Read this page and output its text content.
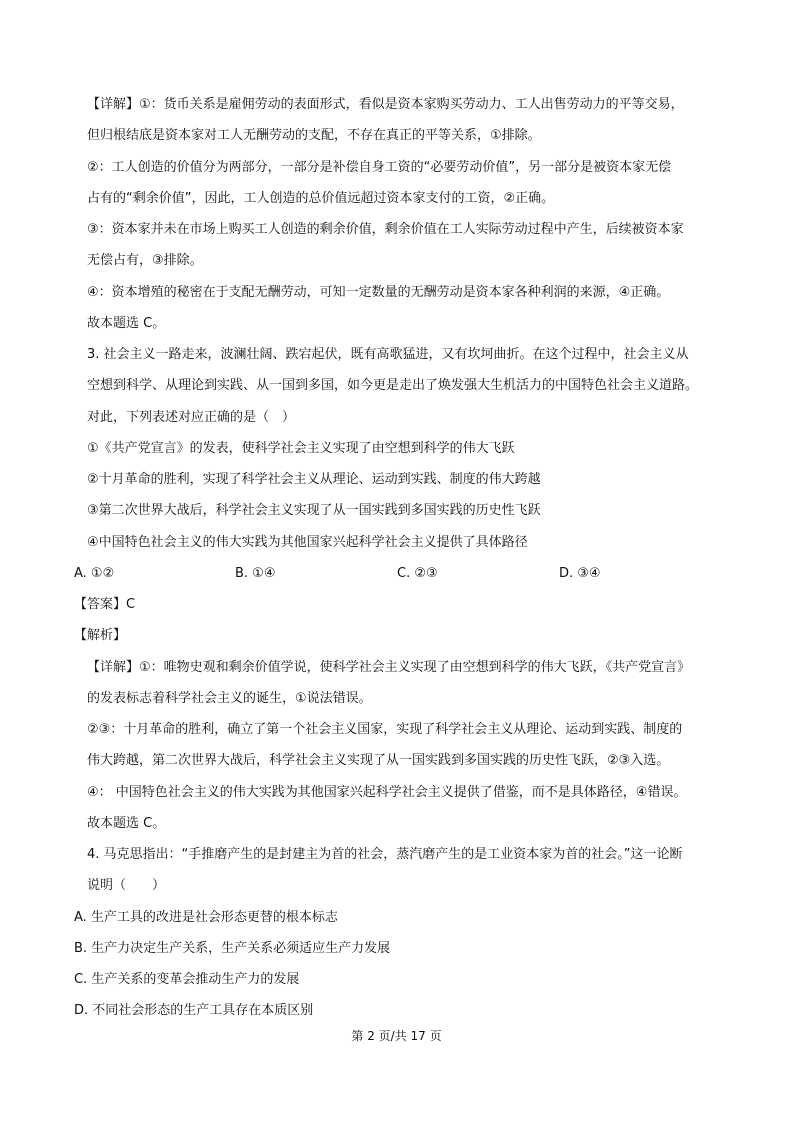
【详解】①：货币关系是雇佣劳动的表面形式，看似是资本家购买劳动力、工人出售劳动力的平等交易，
但归根结底是资本家对工人无酬劳动的支配，不存在真正的平等关系，①排除。
②：工人创造的价值分为两部分，一部分是补偿自身工资的“必要劳动价值”，另一部分是被资本家无偿
占有的“剩余价值”，因此，工人创造的总价值远超过资本家支付的工资，②正确。
③：资本家并未在市场上购买工人创造的剩余价值，剩余价值在工人实际劳动过程中产生，后续被资本家
无偿占有，③排除。
④：资本增殖的秘密在于支配无酬劳动，可知一定数量的无酬劳动是资本家各种利润的来源，④正确。
故本题选 C。
3. 社会主义一路走来，波澜壮阔、跌宕起伏，既有高歌猛进，又有坎坷曲折。在这个过程中，社会主义从
空想到科学、从理论到实践、从一国到多国，如今更是走出了焕发强大生机活力的中国特色社会主义道路。
对此，下列表述对应正确的是（　）
①《共产党宣言》的发表，使科学社会主义实现了由空想到科学的伟大飞跃
②十月革命的胜利，实现了科学社会主义从理论、运动到实践、制度的伟大跨越
③第二次世界大战后，科学社会主义实现了从一国实践到多国实践的历史性飞跃
④中国特色社会主义的伟大实践为其他国家兴起科学社会主义提供了具体路径
A. ①②	B. ①④	C. ②③	D. ③④
【答案】C
【解析】
【详解】①：唯物史观和剩余价值学说，使科学社会主义实现了由空想到科学的伟大飞跃，《共产党宣言》
的发表标志着科学社会主义的诞生，①说法错误。
②③：十月革命的胜利，确立了第一个社会主义国家，实现了科学社会主义从理论、运动到实践、制度的
伟大跨越，第二次世界大战后，科学社会主义实现了从一国实践到多国实践的历史性飞跃，②③入选。
④： 中国特色社会主义的伟大实践为其他国家兴起科学社会主义提供了借鉴，而不是具体路径，④错误。
故本题选 C。
4. 马克思指出：“手推磨产生的是封建主为首的社会，蒸汽磨产生的是工业资本家为首的社会。”这一论断
说明（　　）
A. 生产工具的改进是社会形态更替的根本标志
B. 生产力决定生产关系，生产关系必须适应生产力发展
C. 生产关系的变革会推动生产力的发展
D. 不同社会形态的生产工具存在本质区别
第 2 页/共 17 页
